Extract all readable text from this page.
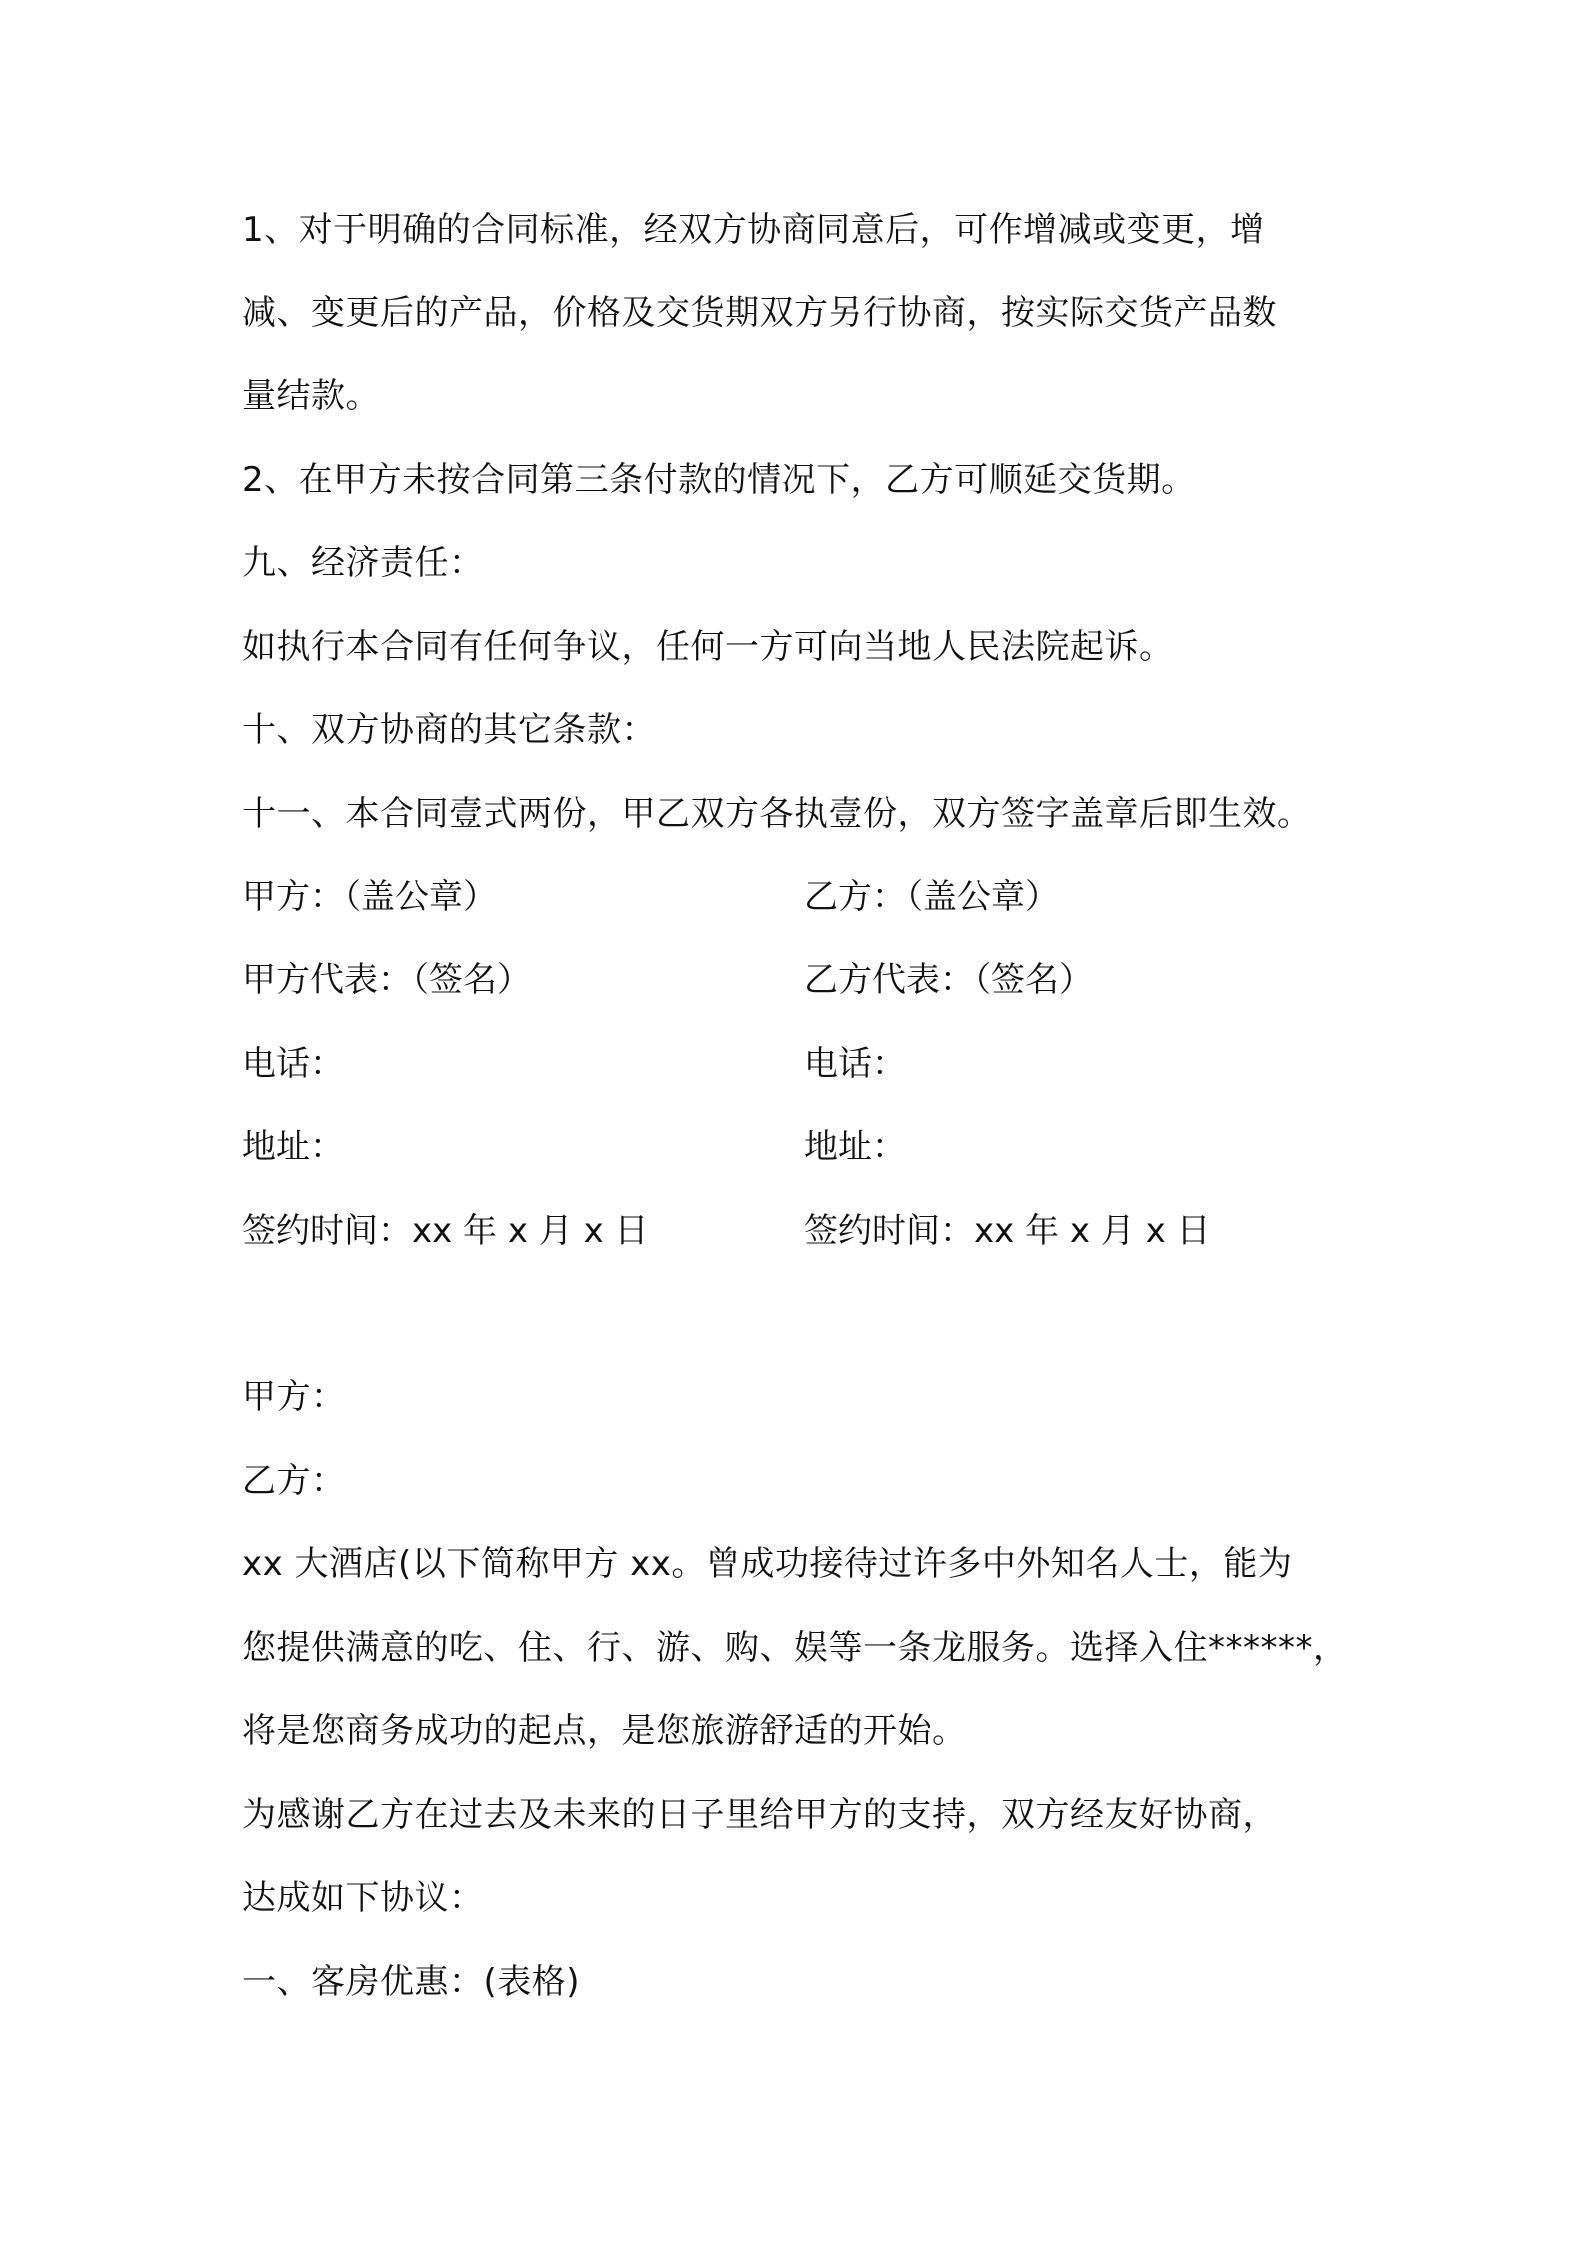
1、对于明确的合同标准，经双方协商同意后，可作增减或变更，增
减、变更后的产品，价格及交货期双方另行协商，按实际交货产品数
量结款。
2、在甲方未按合同第三条付款的情况下，乙方可顺延交货期。
九、经济责任：
如执行本合同有任何争议，任何一方可向当地人民法院起诉。
十、双方协商的其它条款：
十一、本合同壹式两份，甲乙双方各执壹份，双方签字盖章后即生效。
甲方：（盖公章）	乙方：（盖公章）
甲方代表：（签名）	乙方代表：（签名）
电话：	电话：
地址：	地址：
签约时间：xx 年 x 月 x 日	签约时间：xx 年 x 月 x 日
甲方：
乙方：
xx 大酒店(以下简称甲方 xx。曾成功接待过许多中外知名人士，能为
您提供满意的吃、住、行、游、购、娱等一条龙服务。选择入住******，
将是您商务成功的起点，是您旅游舒适的开始。
为感谢乙方在过去及未来的日子里给甲方的支持，双方经友好协商，
达成如下协议：
一、客房优惠：(表格)
